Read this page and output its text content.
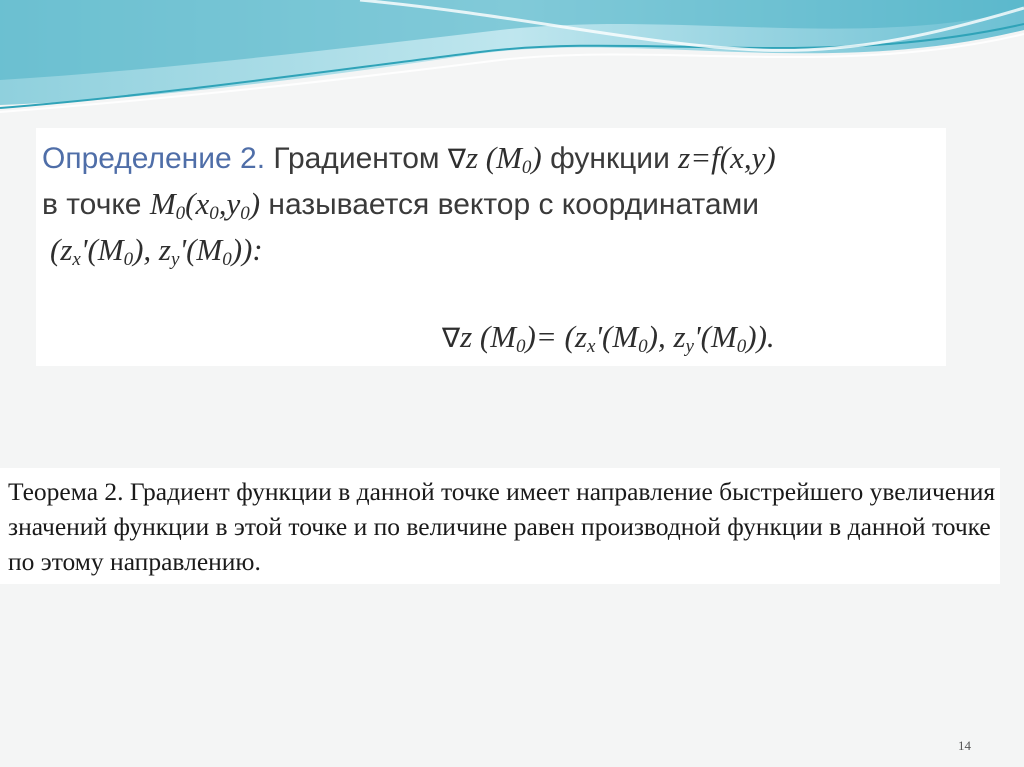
Определение 2. Градиентом ∇z $(M_0)$ функции z=f(x,y)
в точке $M_0(x_0,y_0)$ называется вектор с координатами
($z_x'(M_0)$, $z_y'(M_0)$):
∇z $(M_0)= (z_x'(M_0)$, $z_y'(M_0)$).
Теорема 2. Градиент функции в данной точке имеет направление быстрейшего увеличения значений функции в этой точке и по величине равен производной функции в данной точке по этому направлению.
14
